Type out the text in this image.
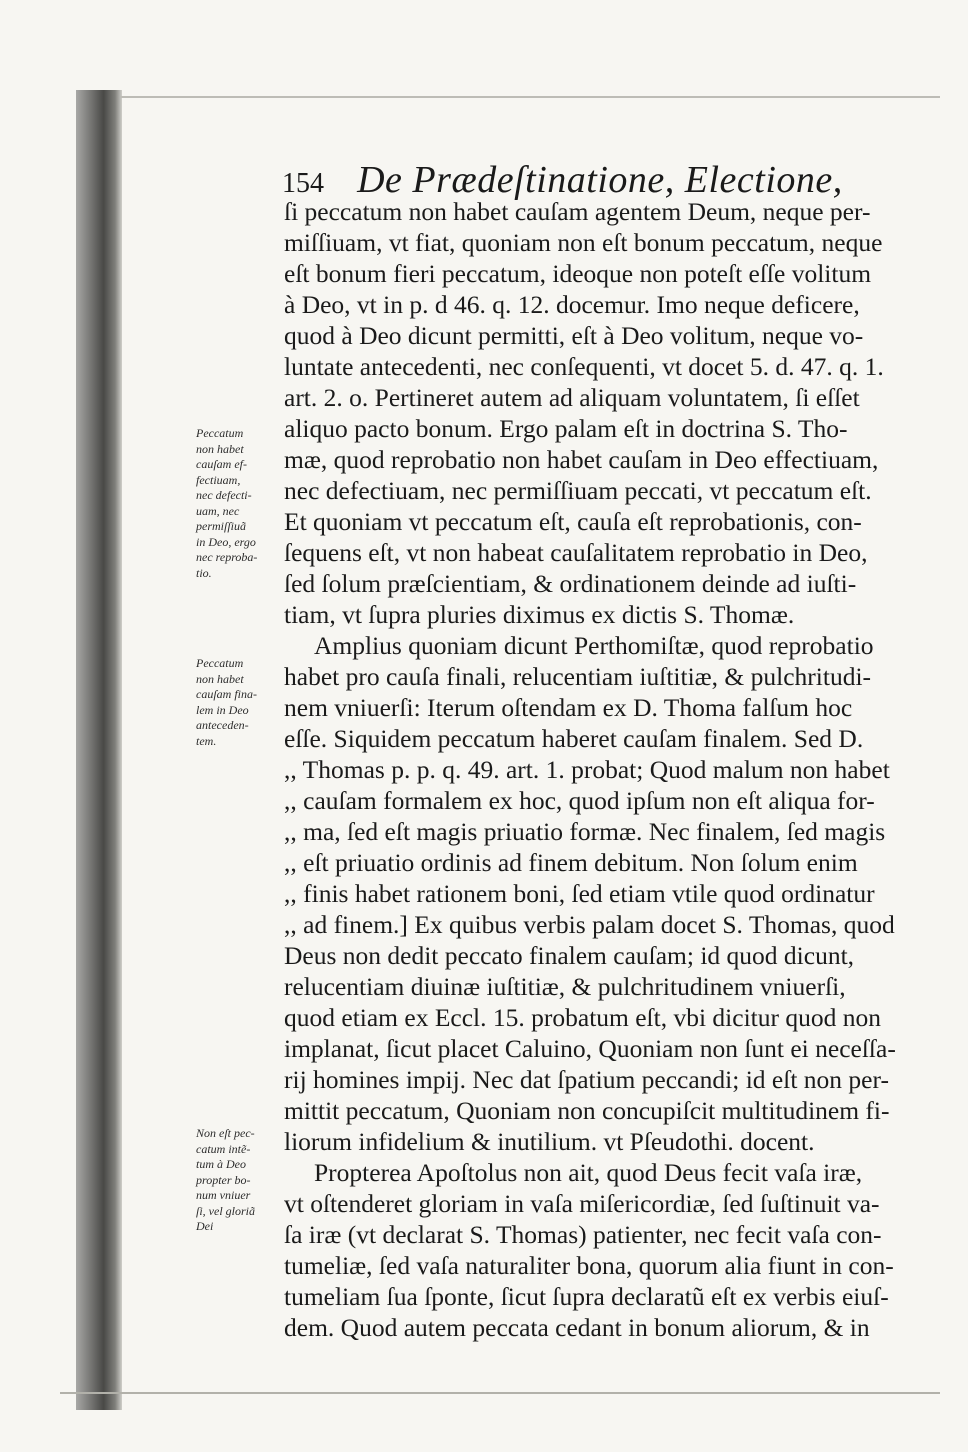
154 De Prædeſtinatione, Electione,
Peccatum
non habet
cauſam ef-
fectiuam,
nec defecti-
uam, nec
permiſſiuã
in Deo, ergo
nec reproba-
tio.
Peccatum
non habet
cauſam fina-
lem in Deo
anteceden-
tem.
Non eſt pec-
catum intẽ-
tum à Deo
propter bo-
num vniuer
ſi, vel gloriã
Dei
ſi peccatum non habet cauſam agentem Deum, neque per-
miſſiuam, vt fiat, quoniam non eſt bonum peccatum, neque
eſt bonum fieri peccatum, ideoque non poteſt eſſe volitum
à Deo, vt in p. d 46. q. 12. docemur. Imo neque deficere,
quod à Deo dicunt permitti, eſt à Deo volitum, neque vo-
luntate antecedenti, nec conſequenti, vt docet 5. d. 47. q. 1.
art. 2. o. Pertineret autem ad aliquam voluntatem, ſi eſſet
aliquo pacto bonum. Ergo palam eſt in doctrina S. Tho-
mæ, quod reprobatio non habet cauſam in Deo effectiuam,
nec defectiuam, nec permiſſiuam peccati, vt peccatum eſt.
Et quoniam vt peccatum eſt, cauſa eſt reprobationis, con-
ſequens eſt, vt non habeat cauſalitatem reprobatio in Deo,
ſed ſolum præſcientiam, & ordinationem deinde ad iuſti-
tiam, vt ſupra pluries diximus ex dictis S. Thomæ.
Amplius quoniam dicunt Perthomiſtæ, quod reprobatio
habet pro cauſa finali, relucentiam iuſtitiæ, & pulchritudi-
nem vniuerſi: Iterum oſtendam ex D. Thoma falſum hoc
eſſe. Siquidem peccatum haberet cauſam finalem. Sed D.
,, Thomas p. p. q. 49. art. 1. probat; Quod malum non habet
,, cauſam formalem ex hoc, quod ipſum non eſt aliqua for-
,, ma, ſed eſt magis priuatio formæ. Nec finalem, ſed magis
,, eſt priuatio ordinis ad finem debitum. Non ſolum enim
,, finis habet rationem boni, ſed etiam vtile quod ordinatur
,, ad finem.] Ex quibus verbis palam docet S. Thomas, quod
Deus non dedit peccato finalem cauſam; id quod dicunt,
relucentiam diuinæ iuſtitiæ, & pulchritudinem vniuerſi,
quod etiam ex Eccl. 15. probatum eſt, vbi dicitur quod non
implanat, ſicut placet Caluino, Quoniam non ſunt ei neceſſa-
rij homines impij. Nec dat ſpatium peccandi; id eſt non per-
mittit peccatum, Quoniam non concupiſcit multitudinem fi-
liorum infidelium & inutilium. vt Pſeudothi. docent.
Propterea Apoſtolus non ait, quod Deus fecit vaſa iræ,
vt oſtenderet gloriam in vaſa miſericordiæ, ſed ſuſtinuit va-
ſa iræ (vt declarat S. Thomas) patienter, nec fecit vaſa con-
tumeliæ, ſed vaſa naturaliter bona, quorum alia fiunt in con-
tumeliam ſua ſponte, ſicut ſupra declaratũ eſt ex verbis eiuſ-
dem. Quod autem peccata cedant in bonum aliorum, & in
